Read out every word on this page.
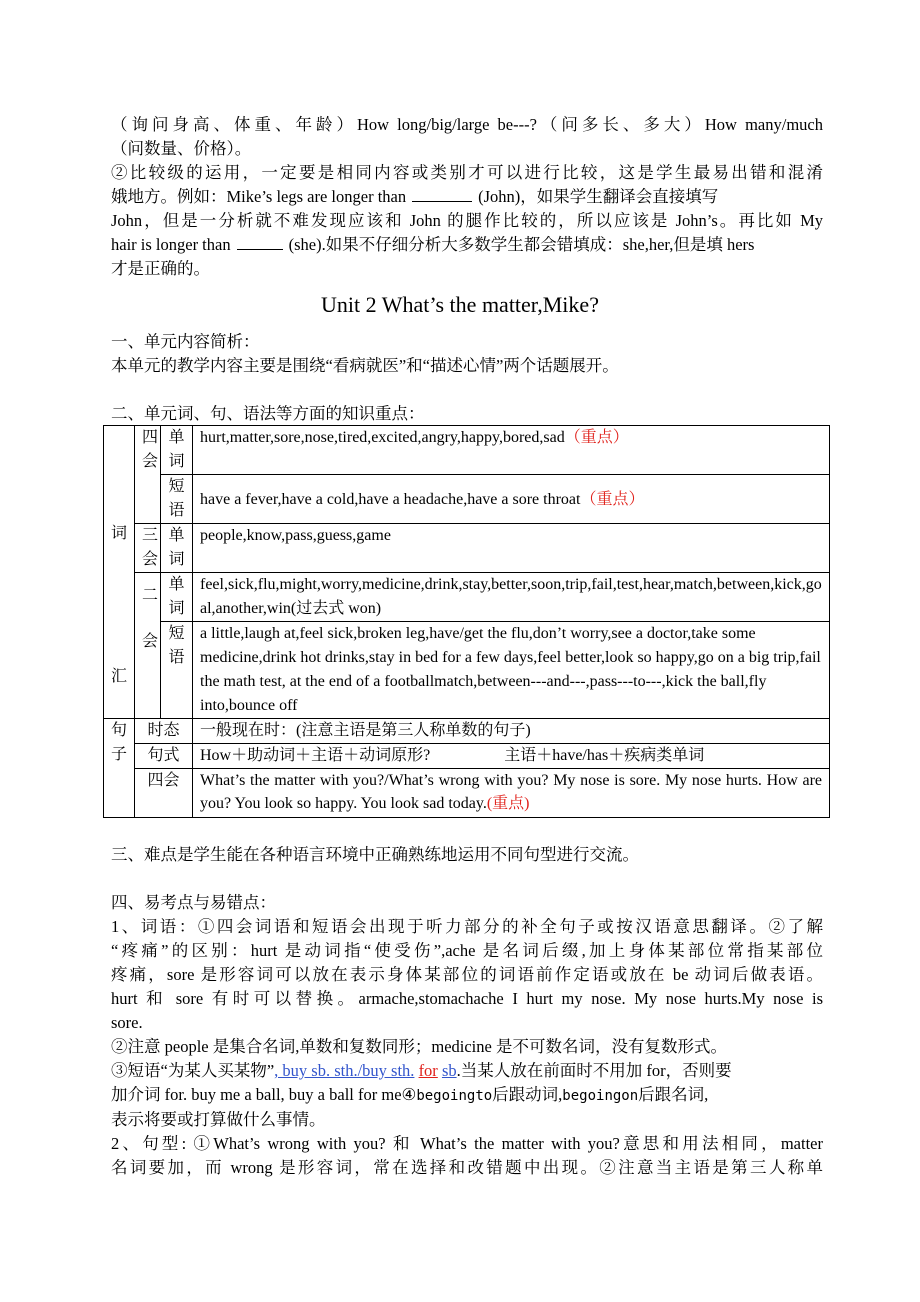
（询问身高、体重、年龄）How long/big/large be---?（问多长、多大）How many/much
（问数量、价格）。
②比较级的运用，一定要是相同内容或类别才可以进行比较，这是学生最易出错和混淆
娥地方。例如：Mike’s legs are longer than	(John)，如果学生翻译会直接填写
John，但是一分析就不难发现应该和 John 的腿作比较的，所以应该是 John’s。再比如 My
hair is longer than	(she).如果不仔细分析大多数学生都会错填成：she,her,但是填 hers
才是正确的。
Unit 2 What’s the matter,Mike?
一、单元内容简析：
本单元的教学内容主要是围绕“看病就医”和“描述心情”两个话题展开。
二、单元词、句、语法等方面的知识重点：
词
汇	四会	单词	hurt,matter,sore,nose,tired,excited,angry,happy,bored,sad（重点）

		短语	have a fever,have a cold,have a headache,have a sore throat（重点）

	三会	单词	people,know,pass,guess,game

	二会	单词	feel,sick,flu,might,worry,medicine,drink,stay,better,soon,trip,fail,test,hear,match,between,kick,goal,another,win(过去式 won)

		短语	a little,laugh at,feel sick,broken leg,have/get the flu,don’t worry,see a doctor,take some medicine,drink hot drinks,stay in bed for a few days,feel better,look so happy,go on a big trip,fail the math test, at the end of a footballmatch,between---and---,pass---to---,kick the ball,fly into,bounce off

句子	时态		一般现在时：(注意主语是第三人称单数的句子)
	句式		How＋助动词＋主语＋动词原形? 主语＋have/has＋疾病类单词
	四会		What’s the matter with you?/What’s wrong with you? My nose is sore. My nose hurts. How are you? You look so happy. You look sad today.(重点)
三、难点是学生能在各种语言环境中正确熟练地运用不同句型进行交流。
四、易考点与易错点：
1、词语：①四会词语和短语会出现于听力部分的补全句子或按汉语意思翻译。②了解
“疼痛”的区别：hurt 是动词指“使受伤”,ache 是名词后缀,加上身体某部位常指某部位
疼痛，sore 是形容词可以放在表示身体某部位的词语前作定语或放在 be 动词后做表语。
hurt 和 sore 有时可以替换。armache,stomachache I hurt my nose. My nose hurts.My nose is
sore.
②注意 people 是集合名词,单数和复数同形；medicine 是不可数名词，没有复数形式。
③短语“为某人买某物”, buy sb. sth./buy sth. for sb.当某人放在前面时不用加 for，否则要
加介词 for. buy me a ball, buy a ball for me④begoingto后跟动词,begoingon后跟名词,
表示将要或打算做什么事情。
2、句型: ①What’s wrong with you? 和 What’s the matter with you?意思和用法相同，matter
名词要加，而 wrong 是形容词，常在选择和改错题中出现。②注意当主语是第三人称单
